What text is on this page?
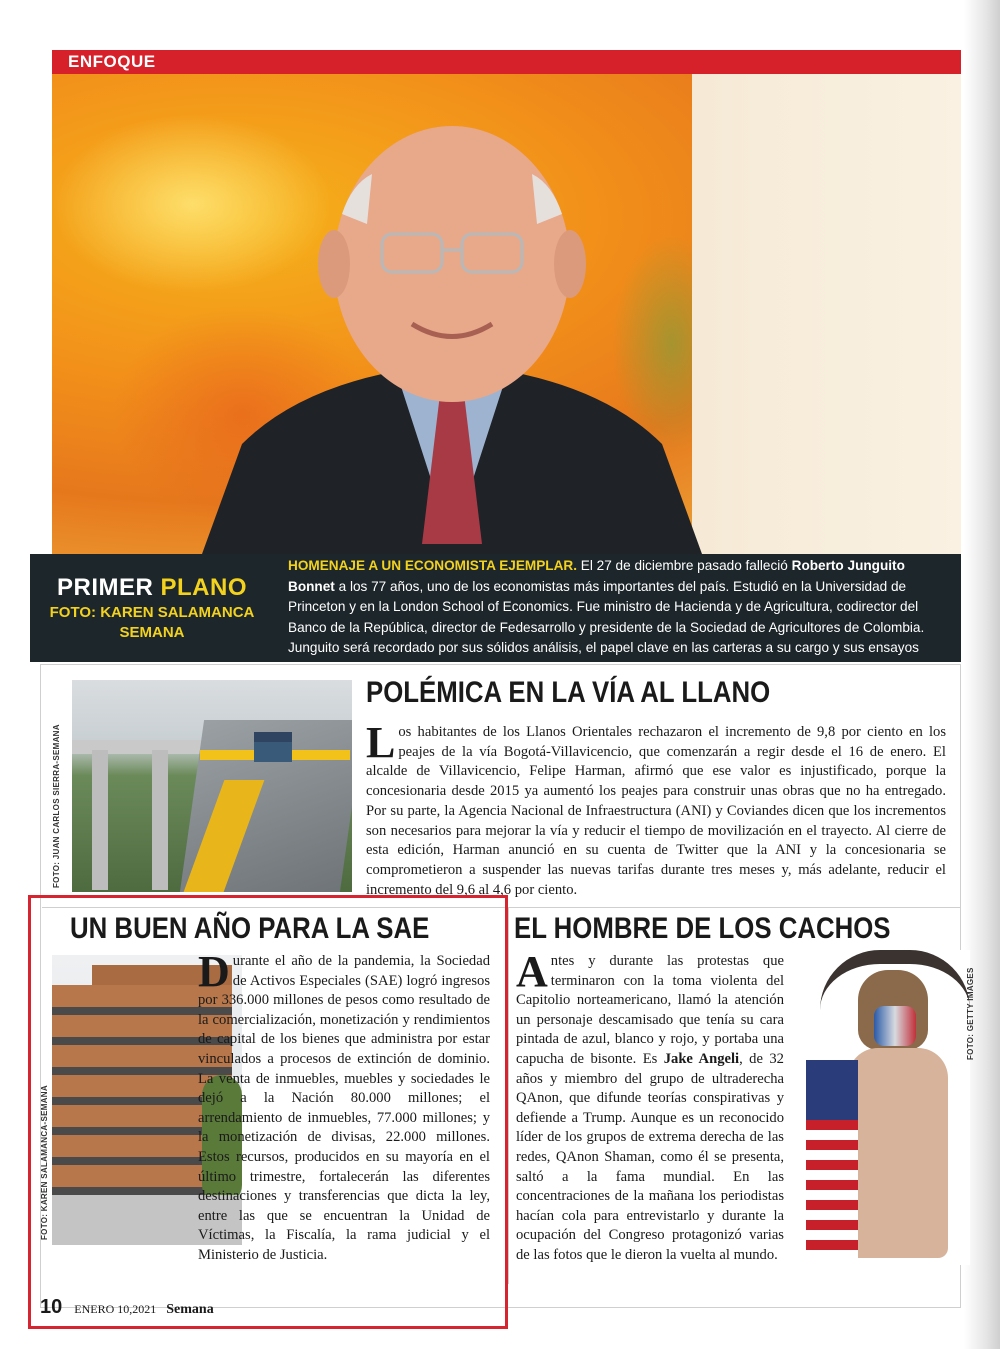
ENFOQUE
PRIMER PLANO
FOTO: KAREN SALAMANCA
SEMANA
HOMENAJE A UN ECONOMISTA EJEMPLAR. El 27 de diciembre pasado falleció Roberto Junguito Bonnet a los 77 años, uno de los economistas más importantes del país. Estudió en la Universidad de Princeton y en la London School of Economics. Fue ministro de Hacienda y de Agricultura, codirector del Banco de la República, director de Fedesarrollo y presidente de la Sociedad de Agricultores de Colombia. Junguito será recordado por sus sólidos análisis, el papel clave en las carteras a su cargo y sus ensayos
FOTO: JUAN CARLOS SIERRA-SEMANA
POLÉMICA EN LA VÍA AL LLANO
Los habitantes de los Llanos Orientales rechazaron el incremento de 9,8 por ciento en los peajes de la vía Bogotá-Villavicencio, que comenzarán a regir desde el 16 de enero. El alcalde de Villavicencio, Felipe Harman, afirmó que ese valor es injustificado, porque la concesionaria desde 2015 ya aumentó los peajes para construir unas obras que no ha entregado. Por su parte, la Agencia Nacional de Infraestructura (ANI) y Coviandes dicen que los incrementos son necesarios para mejorar la vía y reducir el tiempo de movilización en el trayecto. Al cierre de esta edición, Harman anunció en su cuenta de Twitter que la ANI y la concesionaria se comprometieron a suspender las nuevas tarifas durante tres meses y, más adelante, reducir el incremento del 9,6 al 4,6 por ciento.
UN BUEN AÑO PARA LA SAE
FOTO: KAREN SALAMANCA-SEMANA
Durante el año de la pandemia, la Sociedad de Activos Especiales (SAE) logró ingresos por 336.000 millones de pesos como resultado de la comercialización, monetización y rendimientos de capital de los bienes que administra por estar vinculados a procesos de extinción de dominio. La venta de inmuebles, muebles y sociedades le dejó a la Nación 80.000 millones; el arrendamiento de inmuebles, 77.000 millones; y la monetización de divisas, 22.000 millones. Estos recursos, producidos en su mayoría en el último trimestre, fortalecerán las diferentes destinaciones y transferencias que dicta la ley, entre las que se encuentran la Unidad de Víctimas, la Fiscalía, la rama judicial y el Ministerio de Justicia.
EL HOMBRE DE LOS CACHOS
FOTO: GETTY IMAGES
Antes y durante las protestas que terminaron con la toma violenta del Capitolio norteamericano, llamó la atención un personaje descamisado que tenía su cara pintada de azul, blanco y rojo, y portaba una capucha de bisonte. Es Jake Angeli, de 32 años y miembro del grupo de ultraderecha QAnon, que difunde teorías conspirativas y defiende a Trump. Aunque es un reconocido líder de los grupos de extrema derecha de las redes, QAnon Shaman, como él se presenta, saltó a la fama mundial. En las concentraciones de la mañana los periodistas hacían cola para entrevistarlo y durante la ocupación del Congreso protagonizó varias de las fotos que le dieron la vuelta al mundo.
10 ENERO 10,2021 Semana
